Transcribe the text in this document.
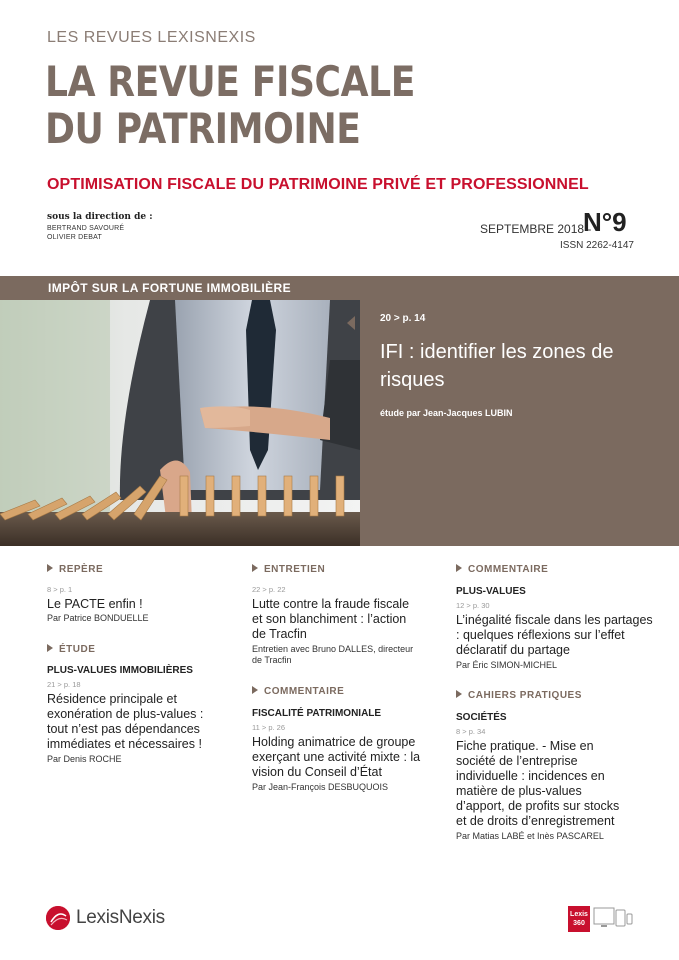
LES REVUES LEXISNEXIS
LA REVUE FISCALE
DU PATRIMOINE
OPTIMISATION FISCALE DU PATRIMOINE PRIVÉ ET PROFESSIONNEL
sous la direction de :
BERTRAND SAVOURÉ
OLIVIER DEBAT
SEPTEMBRE 2018 -
N°9
ISSN 2262-4147
IMPÔT SUR LA FORTUNE IMMOBILIÈRE
20 > p. 14
IFI : identifier les zones de risques
étude par Jean-Jacques LUBIN
REPÈRE
8 > p. 1
Le PACTE enfin !
Par Patrice BONDUELLE
ÉTUDE
PLUS-VALUES IMMOBILIÈRES
21 > p. 18
Résidence principale et exonération de plus-values : tout n’est pas dépendances immédiates et nécessaires !
Par Denis ROCHE
ENTRETIEN
22 > p. 22
Lutte contre la fraude fiscale et son blanchiment : l’action de Tracfin
Entretien avec Bruno DALLES, directeur de Tracfin
COMMENTAIRE
FISCALITÉ PATRIMONIALE
11 > p. 26
Holding animatrice de groupe exerçant une activité mixte : la vision du Conseil d’État
Par Jean-François DESBUQUOIS
COMMENTAIRE
PLUS-VALUES
12 > p. 30
L’inégalité fiscale dans les partages : quelques réflexions sur l’effet déclaratif du partage
Par Éric SIMON-MICHEL
CAHIERS PRATIQUES
SOCIÉTÉS
8 > p. 34
Fiche pratique. - Mise en société de l’entreprise individuelle : incidences en matière de plus-values d’apport, de profits sur stocks et de droits d’enregistrement
Par Matias LABÉ et Inès PASCAREL
LexisNexis	Lexis
360
